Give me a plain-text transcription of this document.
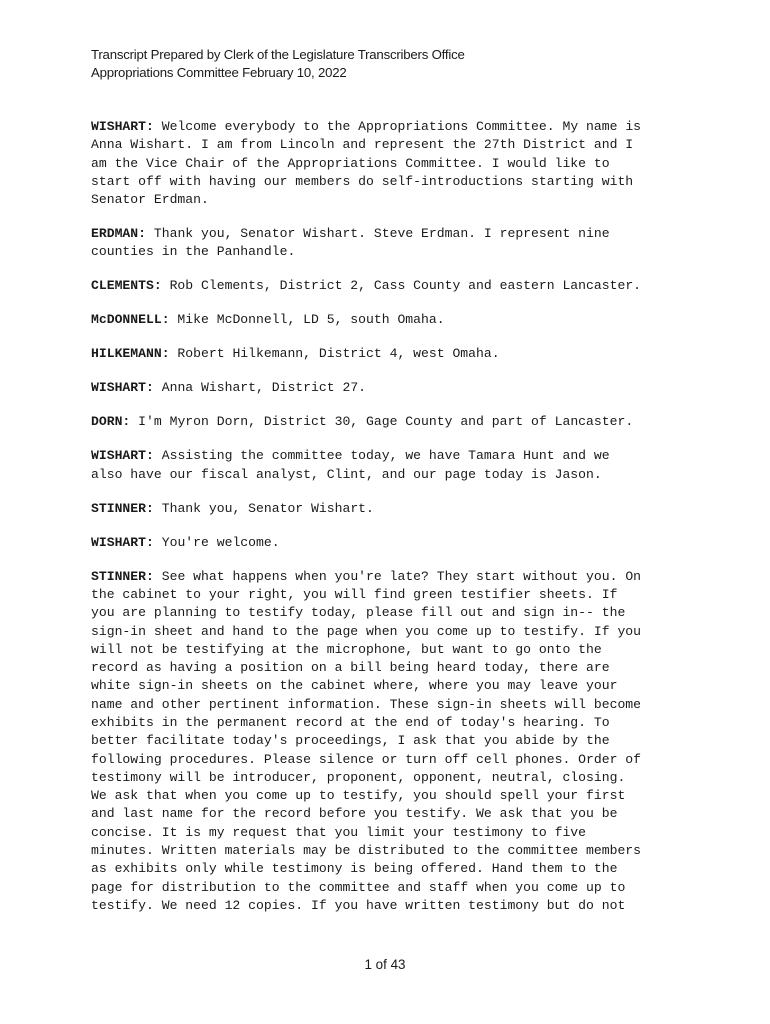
Transcript Prepared by Clerk of the Legislature Transcribers Office
Appropriations Committee February 10, 2022
WISHART: Welcome everybody to the Appropriations Committee. My name is
Anna Wishart. I am from Lincoln and represent the 27th District and I
am the Vice Chair of the Appropriations Committee. I would like to
start off with having our members do self-introductions starting with
Senator Erdman.
ERDMAN: Thank you, Senator Wishart. Steve Erdman. I represent nine
counties in the Panhandle.
CLEMENTS: Rob Clements, District 2, Cass County and eastern Lancaster.
McDONNELL: Mike McDonnell, LD 5, south Omaha.
HILKEMANN: Robert Hilkemann, District 4, west Omaha.
WISHART: Anna Wishart, District 27.
DORN: I'm Myron Dorn, District 30, Gage County and part of Lancaster.
WISHART: Assisting the committee today, we have Tamara Hunt and we
also have our fiscal analyst, Clint, and our page today is Jason.
STINNER: Thank you, Senator Wishart.
WISHART: You're welcome.
STINNER: See what happens when you're late? They start without you. On
the cabinet to your right, you will find green testifier sheets. If
you are planning to testify today, please fill out and sign in-- the
sign-in sheet and hand to the page when you come up to testify. If you
will not be testifying at the microphone, but want to go onto the
record as having a position on a bill being heard today, there are
white sign-in sheets on the cabinet where, where you may leave your
name and other pertinent information. These sign-in sheets will become
exhibits in the permanent record at the end of today's hearing. To
better facilitate today's proceedings, I ask that you abide by the
following procedures. Please silence or turn off cell phones. Order of
testimony will be introducer, proponent, opponent, neutral, closing.
We ask that when you come up to testify, you should spell your first
and last name for the record before you testify. We ask that you be
concise. It is my request that you limit your testimony to five
minutes. Written materials may be distributed to the committee members
as exhibits only while testimony is being offered. Hand them to the
page for distribution to the committee and staff when you come up to
testify. We need 12 copies. If you have written testimony but do not
1 of 43
